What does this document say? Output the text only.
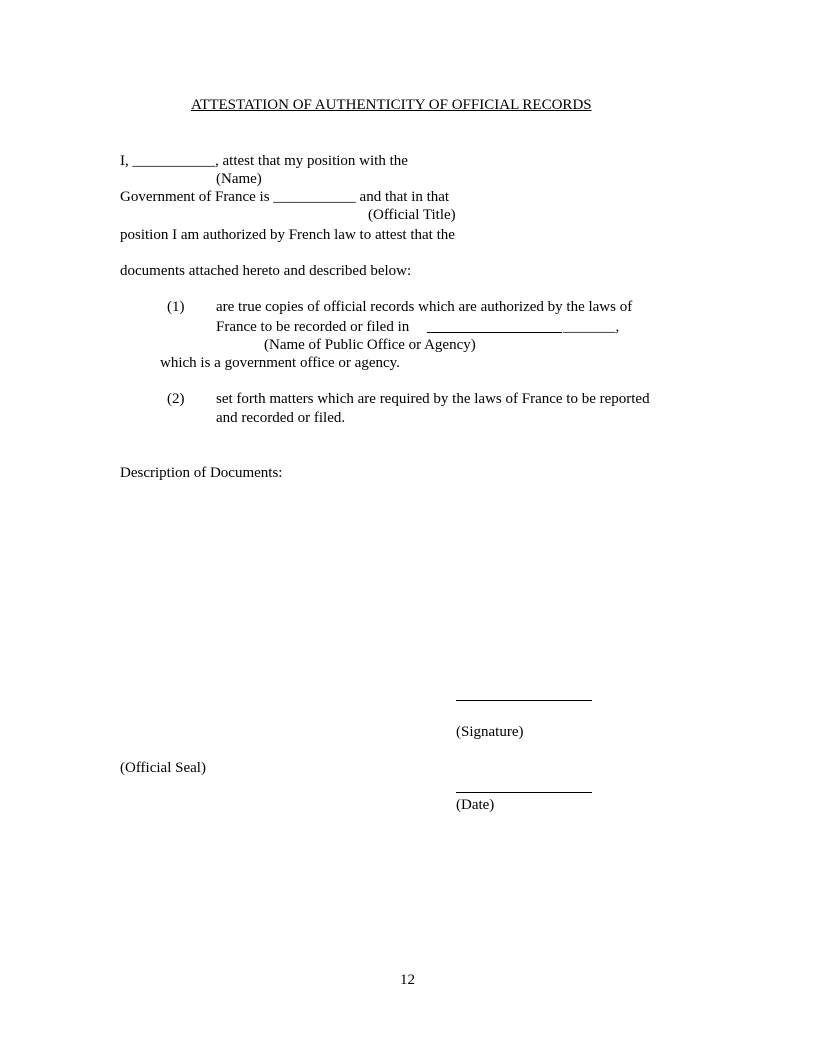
ATTESTATION OF AUTHENTICITY OF OFFICIAL RECORDS
I, ___________, attest that my position with the
(Name)
Government of France is ___________ and that in that
(Official Title)
position I am authorized by French law to attest that the
documents attached hereto and described below:
(1) are true copies of official records which are authorized by the laws of
France to be recorded or filed in	_______,
(Name of Public Office or Agency)
which is a government office or agency.
(2) set forth matters which are required by the laws of France to be reported
and recorded or filed.
Description of Documents:
(Signature)
(Official Seal)
(Date)
12
